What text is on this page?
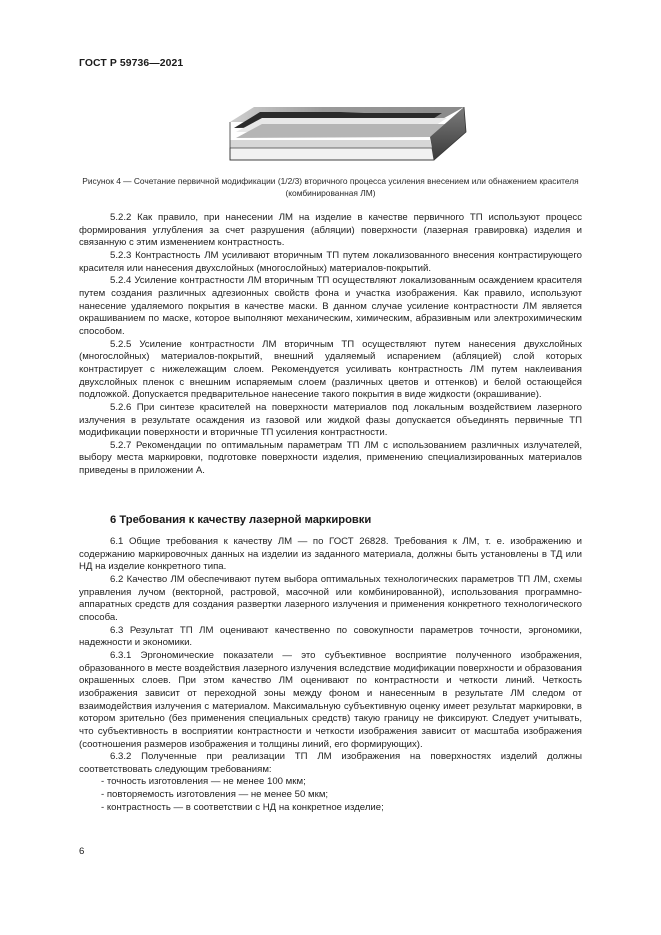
ГОСТ Р 59736—2021
Рисунок 4 — Сочетание первичной модификации (1/2/3) вторичного процесса усиления внесением или обнажением красителя (комбинированная ЛМ)

5.2.2 Как правило, при нанесении ЛМ на изделие в качестве первичного ТП используют процесс формирования углубления за счет разрушения (абляции) поверхности (лазерная гравировка) изделия и связанную с этим изменением контрастность.

5.2.3 Контрастность ЛМ усиливают вторичным ТП путем локализованного внесения контрастирующего красителя или нанесения двухслойных (многослойных) материалов-покрытий.

5.2.4 Усиление контрастности ЛМ вторичным ТП осуществляют локализованным осаждением красителя путем создания различных адгезионных свойств фона и участка изображения. Как правило, используют нанесение удаляемого покрытия в качестве маски. В данном случае усиление контрастности ЛМ является окрашиванием по маске, которое выполняют механическим, химическим, абразивным или электрохимическим способом.

5.2.5 Усиление контрастности ЛМ вторичным ТП осуществляют путем нанесения двухслойных (многослойных) материалов-покрытий, внешний удаляемый испарением (абляцией) слой которых контрастирует с нижележащим слоем. Рекомендуется усиливать контрастность ЛМ путем наклеивания двухслойных пленок с внешним испаряемым слоем (различных цветов и оттенков) и белой остающейся подложкой. Допускается предварительное нанесение такого покрытия в виде жидкости (окрашивание).

5.2.6 При синтезе красителей на поверхности материалов под локальным воздействием лазерного излучения в результате осаждения из газовой или жидкой фазы допускается объединять первичные ТП модификации поверхности и вторичные ТП усиления контрастности.

5.2.7 Рекомендации по оптимальным параметрам ТП ЛМ с использованием различных излучателей, выбору места маркировки, подготовке поверхности изделия, применению специализированных материалов приведены в приложении А.

6 Требования к качеству лазерной маркировки

6.1 Общие требования к качеству ЛМ — по ГОСТ 26828. Требования к ЛМ, т. е. изображению и содержанию маркировочных данных на изделии из заданного материала, должны быть установлены в ТД или НД на изделие конкретного типа.

6.2 Качество ЛМ обеспечивают путем выбора оптимальных технологических параметров ТП ЛМ, схемы управления лучом (векторной, растровой, масочной или комбинированной), использования программно-аппаратных средств для создания развертки лазерного излучения и применения конкретного технологического способа.

6.3 Результат ТП ЛМ оценивают качественно по совокупности параметров точности, эргономики, надежности и экономики.

6.3.1 Эргономические показатели — это субъективное восприятие полученного изображения, образованного в месте воздействия лазерного излучения вследствие модификации поверхности и образования окрашенных слоев. При этом качество ЛМ оценивают по контрастности и четкости линий. Четкость изображения зависит от переходной зоны между фоном и нанесенным в результате ЛМ следом от взаимодействия излучения с материалом. Максимальную субъективную оценку имеет результат маркировки, в котором зрительно (без применения специальных средств) такую границу не фиксируют. Следует учитывать, что субъективность в восприятии контрастности и четкости изображения зависит от масштаба изображения (соотношения размеров изображения и толщины линий, его формирующих).

6.3.2 Полученные при реализации ТП ЛМ изображения на поверхностях изделий должны соответствовать следующим требованиям:

- точность изготовления — не менее 100 мкм;

- повторяемость изготовления — не менее 50 мкм;

- контрастность — в соответствии с НД на конкретное изделие;

6
